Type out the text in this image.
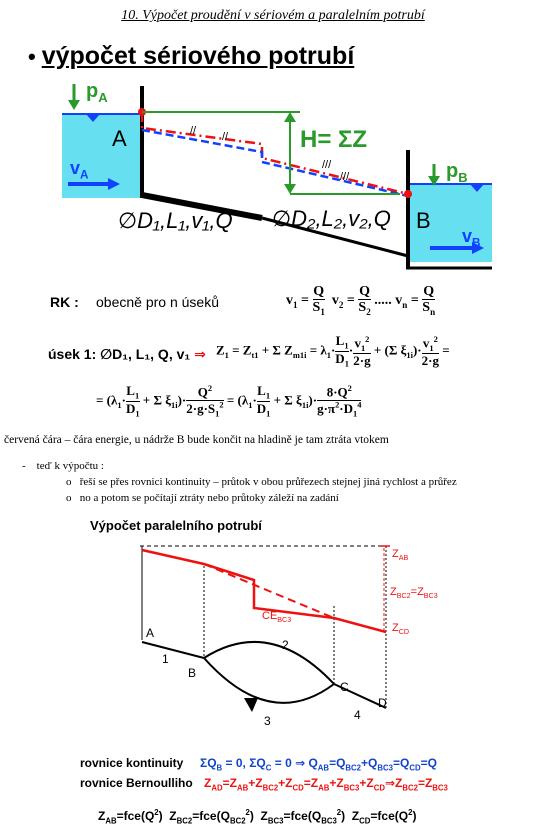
10. Výpočet proudění v sériovém a paralelním potrubí
• výpočet sériového potrubí
// //
///
///
$p_A$
A
$v_A$
H= ΣZ
$p_B$
B
$v_B$
∅D₁,L₁,v₁,Q ∅D₂,L₂,v₂,Q
RK : obecně pro n úseků	$v_1 = \frac{Q}{S_1} v_2 = \frac{Q}{S_2}$ ..... $v_n = \frac{Q}{S_n}$
úsek 1: ∅D₁, L₁, Q, v₁ ⇒ $Z_1 = Z_{t1} + \Sigma$ $Z_{m1i} = \lambda_1\cdot \frac{L_1}{D_1}\cdot \frac{v_1^2}{2\cdot g} + (\Sigma$ $\xi_{1i})\cdot \frac{v_1^2}{2\cdot g}$ =
= ($\lambda_1\cdot \frac{L_1}{D_1} + \Sigma$ $\xi_{1i})\cdot \frac{Q^2}{2\cdot g\cdot S_1^2} = (\lambda_1\cdot \frac{L_1}{D_1} + \Sigma$ $\xi_{1i})\cdot \frac{8\cdot Q^2}{g\cdot\pi^2\cdot D_1^4}$
červená čára – čára energie, u nádrže B bude končit na hladině je tam ztráta vtokem
-    teď k výpočtu :
o   řeší se přes rovnici kontinuity – průtok v obou průřezech stejnej jiná rychlost a průřez
o   no a potom se počítají ztráty nebo průtoky záleží na zadání
Výpočet paralelního potrubí
$Z_{AB}$
$Z_{BC2}=Z_{BC3}$
$Z_{CD}$
$ČE_{BC3}$
A
B
C
D
1
2
3	4
rovnice kontinuity $\Sigma Q_B = 0$, $\Sigma Q_C = 0$ ⇒ $Q_{AB}=Q_{BC2}+Q_{BC3}=Q_{CD}=Q$
rovnice Bernoulliho $Z_{AD}=Z_{AB}+Z_{BC2}+Z_{CD}=Z_{AB}+Z_{BC3}+Z_{CD}\Rightarrow Z_{BC2}=Z_{BC3}$
$Z_{AB}=fce(Q^2)$  $Z_{BC2}=fce(Q_{BC2}^2)$  $Z_{BC3}=fce(Q_{BC3}^2)$  $Z_{CD}=fce(Q^2)$
